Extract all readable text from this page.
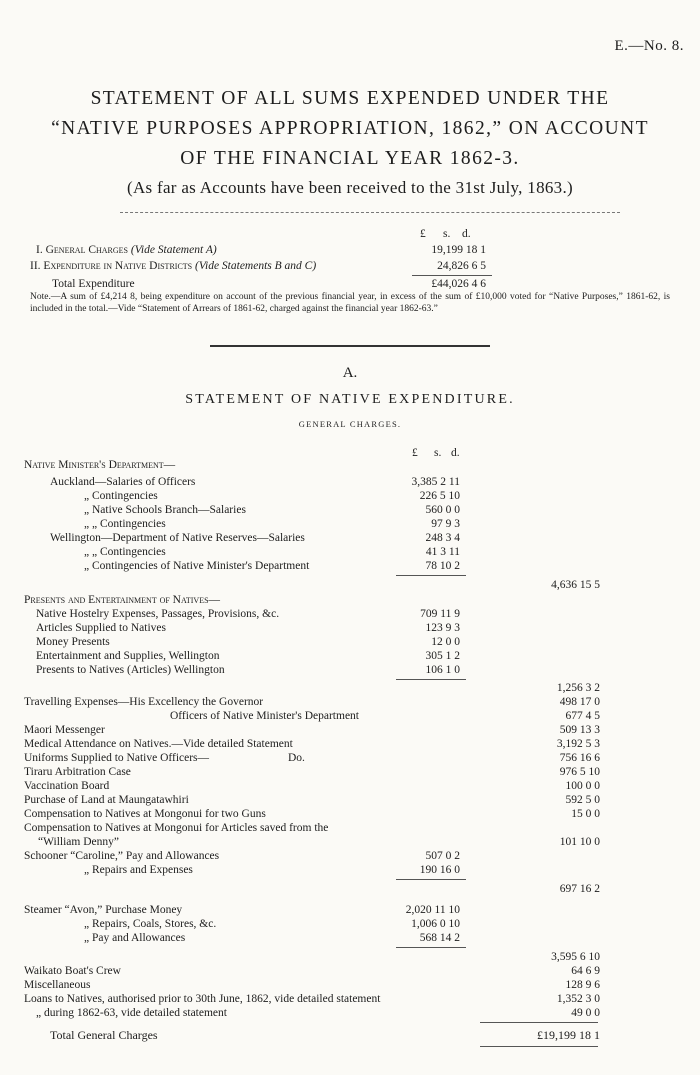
E.—No. 8.
STATEMENT OF ALL SUMS EXPENDED UNDER THE
“NATIVE PURPOSES APPROPRIATION, 1862,” ON ACCOUNT
OF THE FINANCIAL YEAR 1862-3.
(As far as Accounts have been received to the 31st July, 1863.)
£ s. d.
I. General Charges (Vide Statement A)	19,199 18 1
II. Expenditure in Native Districts (Vide Statements B and C)	24,826 6 5
Total Expenditure	£44,026 4 6
Note.—A sum of £4,214 8, being expenditure on account of the previous financial year, in excess of the sum of £10,000 voted for “Native Purposes,” 1861-62, is included in the total.—Vide “Statement of Arrears of 1861-62, charged against the financial year 1862-63.”
A.
STATEMENT OF NATIVE EXPENDITURE.
GENERAL CHARGES.
£ s. d.
Native Minister's Department—
Auckland—Salaries of Officers	3,385 2 11
„ Contingencies	226 5 10
„ Native Schools Branch—Salaries	560 0 0
„ „ Contingencies	97 9 3
Wellington—Department of Native Reserves—Salaries	248 3 4
„ „ Contingencies	41 3 11
„ Contingencies of Native Minister's Department	78 10 2
4,636 15 5
Presents and Entertainment of Natives—
Native Hostelry Expenses, Passages, Provisions, &c.	709 11 9
Articles Supplied to Natives	123 9 3
Money Presents	12 0 0
Entertainment and Supplies, Wellington	305 1 2
Presents to Natives (Articles) Wellington	106 1 0
1,256 3 2
Travelling Expenses—His Excellency the Governor	498 17 0
Officers of Native Minister's Department	677 4 5
Maori Messenger	509 13 3
Medical Attendance on Natives.—Vide detailed Statement	3,192 5 3
Uniforms Supplied to Native Officers—	Do.	756 16 6
Tiraru Arbitration Case	976 5 10
Vaccination Board	100 0 0
Purchase of Land at Maungatawhiri	592 5 0
Compensation to Natives at Mongonui for two Guns	15 0 0
Compensation to Natives at Mongonui for Articles saved from the
“William Denny”	101 10 0
Schooner “Caroline,” Pay and Allowances	507 0 2
„ Repairs and Expenses	190 16 0
697 16 2
Steamer “Avon,” Purchase Money	2,020 11 10
„ Repairs, Coals, Stores, &c.	1,006 0 10
„ Pay and Allowances	568 14 2
3,595 6 10
Waikato Boat's Crew	64 6 9
Miscellaneous	128 9 6
Loans to Natives, authorised prior to 30th June, 1862, vide detailed statement	1,352 3 0
„ during 1862-63, vide detailed statement	49 0 0
Total General Charges	£19,199 18 1
